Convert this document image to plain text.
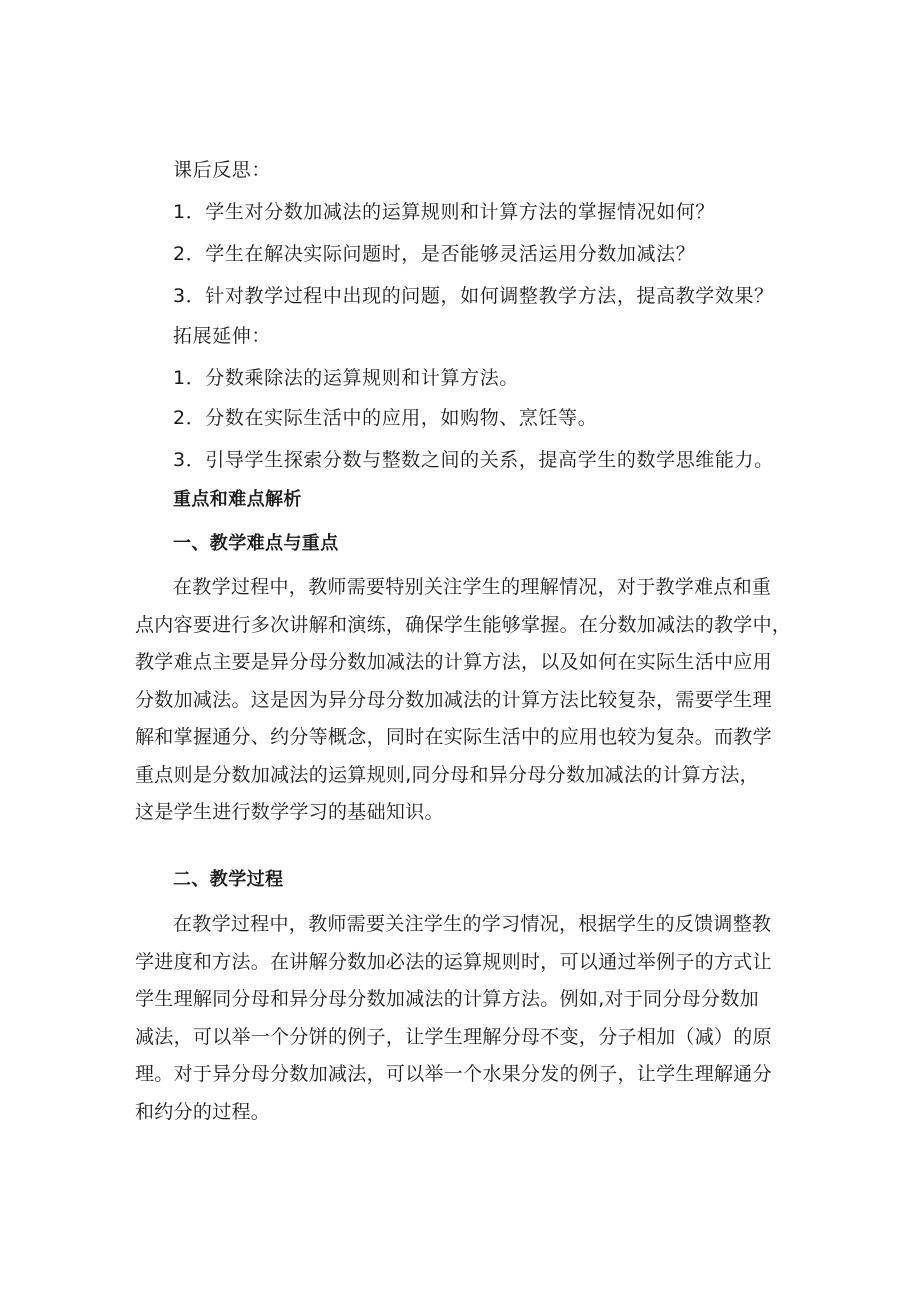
课后反思：
1．学生对分数加减法的运算规则和计算方法的掌握情况如何？
2．学生在解决实际问题时，是否能够灵活运用分数加减法？
3．针对教学过程中出现的问题，如何调整教学方法，提高教学效果？
拓展延伸：
1．分数乘除法的运算规则和计算方法。
2．分数在实际生活中的应用，如购物、烹饪等。
3．引导学生探索分数与整数之间的关系，提高学生的数学思维能力。
重点和难点解析
一、教学难点与重点
在教学过程中，教师需要特别关注学生的理解情况，对于教学难点和重
点内容要进行多次讲解和演练，确保学生能够掌握。在分数加减法的教学中，
教学难点主要是异分母分数加减法的计算方法，以及如何在实际生活中应用
分数加减法。这是因为异分母分数加减法的计算方法比较复杂，需要学生理
解和掌握通分、约分等概念，同时在实际生活中的应用也较为复杂。而教学
重点则是分数加减法的运算规则,同分母和异分母分数加减法的计算方法，
这是学生进行数学学习的基础知识。
二、教学过程
在教学过程中，教师需要关注学生的学习情况，根据学生的反馈调整教
学进度和方法。在讲解分数加必法的运算规则时，可以通过举例子的方式让
学生理解同分母和异分母分数加减法的计算方法。例如,对于同分母分数加
减法，可以举一个分饼的例子，让学生理解分母不变，分子相加（减）的原
理。对于异分母分数加减法，可以举一个水果分发的例子，让学生理解通分
和约分的过程。
